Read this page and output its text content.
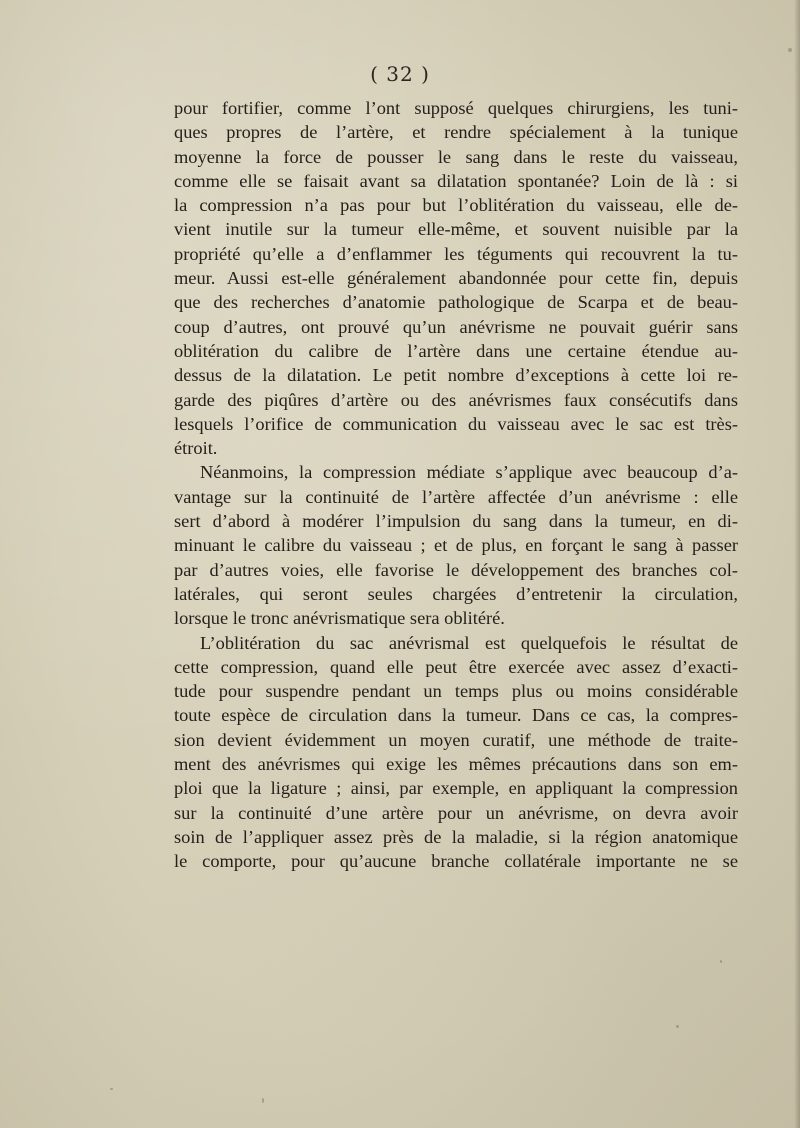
( 32 )

pour fortifier, comme l’ont supposé quelques chirurgiens, les tuni-
ques propres de l’artère, et rendre spécialement à la tunique
moyenne la force de pousser le sang dans le reste du vaisseau,
comme elle se faisait avant sa dilatation spontanée? Loin de là : si
la compression n’a pas pour but l’oblitération du vaisseau, elle de-
vient inutile sur la tumeur elle-même, et souvent nuisible par la
propriété qu’elle a d’enflammer les téguments qui recouvrent la tu-
meur. Aussi est-elle généralement abandonnée pour cette fin, depuis
que des recherches d’anatomie pathologique de Scarpa et de beau-
coup d’autres, ont prouvé qu’un anévrisme ne pouvait guérir sans
oblitération du calibre de l’artère dans une certaine étendue au-
dessus de la dilatation. Le petit nombre d’exceptions à cette loi re-
garde des piqûres d’artère ou des anévrismes faux consécutifs dans
lesquels l’orifice de communication du vaisseau avec le sac est très-
étroit.

Néanmoins, la compression médiate s’applique avec beaucoup d’a-
vantage sur la continuité de l’artère affectée d’un anévrisme : elle
sert d’abord à modérer l’impulsion du sang dans la tumeur, en di-
minuant le calibre du vaisseau ; et de plus, en forçant le sang à passer
par d’autres voies, elle favorise le développement des branches col-
latérales, qui seront seules chargées d’entretenir la circulation,
lorsque le tronc anévrismatique sera oblitéré.

L’oblitération du sac anévrismal est quelquefois le résultat de
cette compression, quand elle peut être exercée avec assez d’exacti-
tude pour suspendre pendant un temps plus ou moins considérable
toute espèce de circulation dans la tumeur. Dans ce cas, la compres-
sion devient évidemment un moyen curatif, une méthode de traite-
ment des anévrismes qui exige les mêmes précautions dans son em-
ploi que la ligature ; ainsi, par exemple, en appliquant la compression
sur la continuité d’une artère pour un anévrisme, on devra avoir
soin de l’appliquer assez près de la maladie, si la région anatomique
le comporte, pour qu’aucune branche collatérale importante ne se
